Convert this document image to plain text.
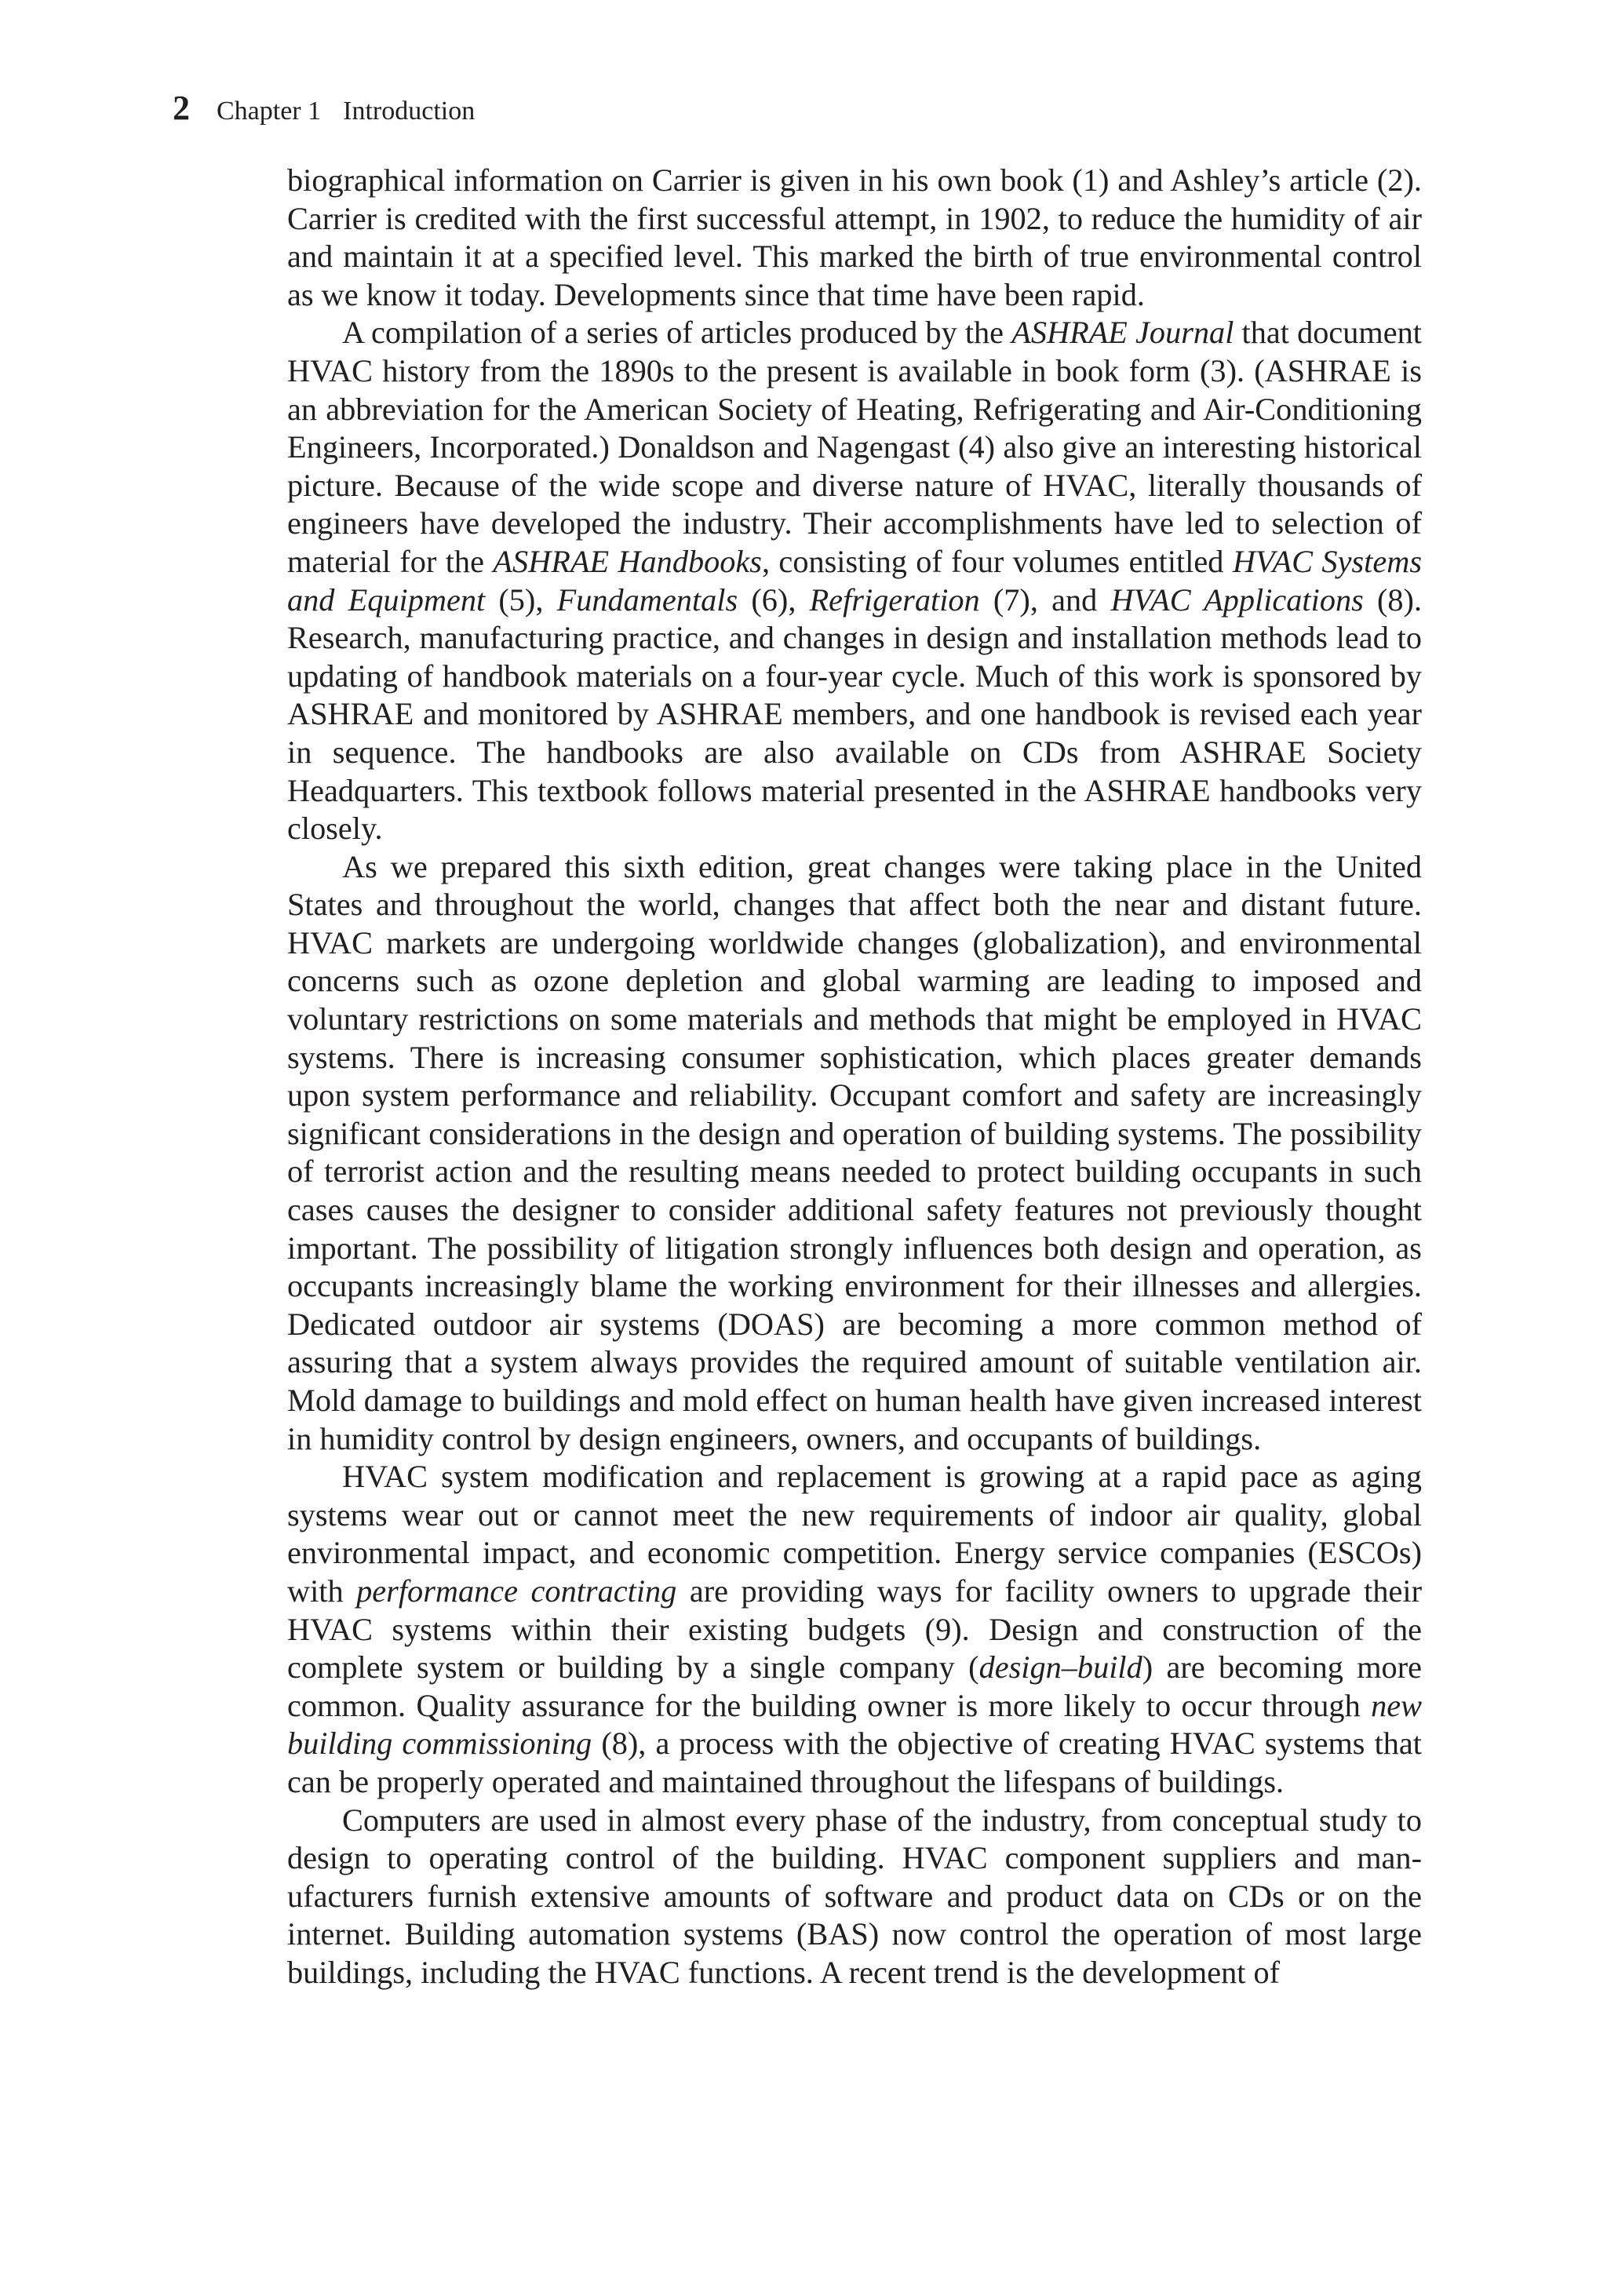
2 Chapter 1 Introduction

biographical information on Carrier is given in his own book (1) and Ashley’s article (2). Carrier is credited with the first successful attempt, in 1902, to reduce the humidity of air and maintain it at a specified level. This marked the birth of true environmental control as we know it today. Developments since that time have been rapid.

A compilation of a series of articles produced by the ASHRAE Journal that document HVAC history from the 1890s to the present is available in book form (3). (ASHRAE is an abbreviation for the American Society of Heating, Refrigerating and Air-Conditioning Engineers, Incorporated.) Donaldson and Nagengast (4) also give an interesting historical picture. Because of the wide scope and diverse nature of HVAC, literally thousands of engineers have developed the industry. Their accomplishments have led to selection of material for the ASHRAE Handbooks, consisting of four volumes entitled HVAC Systems and Equipment (5), Fundamentals (6), Refrigeration (7), and HVAC Applications (8). Research, manufacturing practice, and changes in design and installation methods lead to updating of handbook materials on a four-year cycle. Much of this work is sponsored by ASHRAE and monitored by ASHRAE members, and one handbook is revised each year in sequence. The handbooks are also available on CDs from ASHRAE Society Headquarters. This textbook follows material presented in the ASHRAE handbooks very closely.

As we prepared this sixth edition, great changes were taking place in the United States and throughout the world, changes that affect both the near and distant future. HVAC markets are undergoing worldwide changes (globalization), and environmental concerns such as ozone depletion and global warming are leading to imposed and voluntary restrictions on some materials and methods that might be employed in HVAC systems. There is increasing consumer sophistication, which places greater demands upon system performance and reliability. Occupant comfort and safety are increasingly significant considerations in the design and operation of building systems. The possibility of terrorist action and the resulting means needed to protect building occupants in such cases causes the designer to consider additional safety features not previously thought important. The possibility of litigation strongly influences both design and operation, as occupants increasingly blame the working environment for their illnesses and allergies. Dedicated outdoor air systems (DOAS) are becoming a more common method of assuring that a system always provides the required amount of suitable ventilation air. Mold damage to buildings and mold effect on human health have given increased interest in humidity control by design engineers, owners, and occupants of buildings.

HVAC system modification and replacement is growing at a rapid pace as aging systems wear out or cannot meet the new requirements of indoor air quality, global environmental impact, and economic competition. Energy service companies (ESCOs) with performance contracting are providing ways for facility owners to upgrade their HVAC systems within their existing budgets (9). Design and construction of the complete system or building by a single company (design–build) are becoming more common. Quality assurance for the building owner is more likely to occur through new building commissioning (8), a process with the objective of creating HVAC systems that can be properly operated and maintained throughout the lifespans of buildings.

Computers are used in almost every phase of the industry, from conceptual study to design to operating control of the building. HVAC component suppliers and manufacturers furnish extensive amounts of software and product data on CDs or on the internet. Building automation systems (BAS) now control the operation of most large buildings, including the HVAC functions. A recent trend is the development of
